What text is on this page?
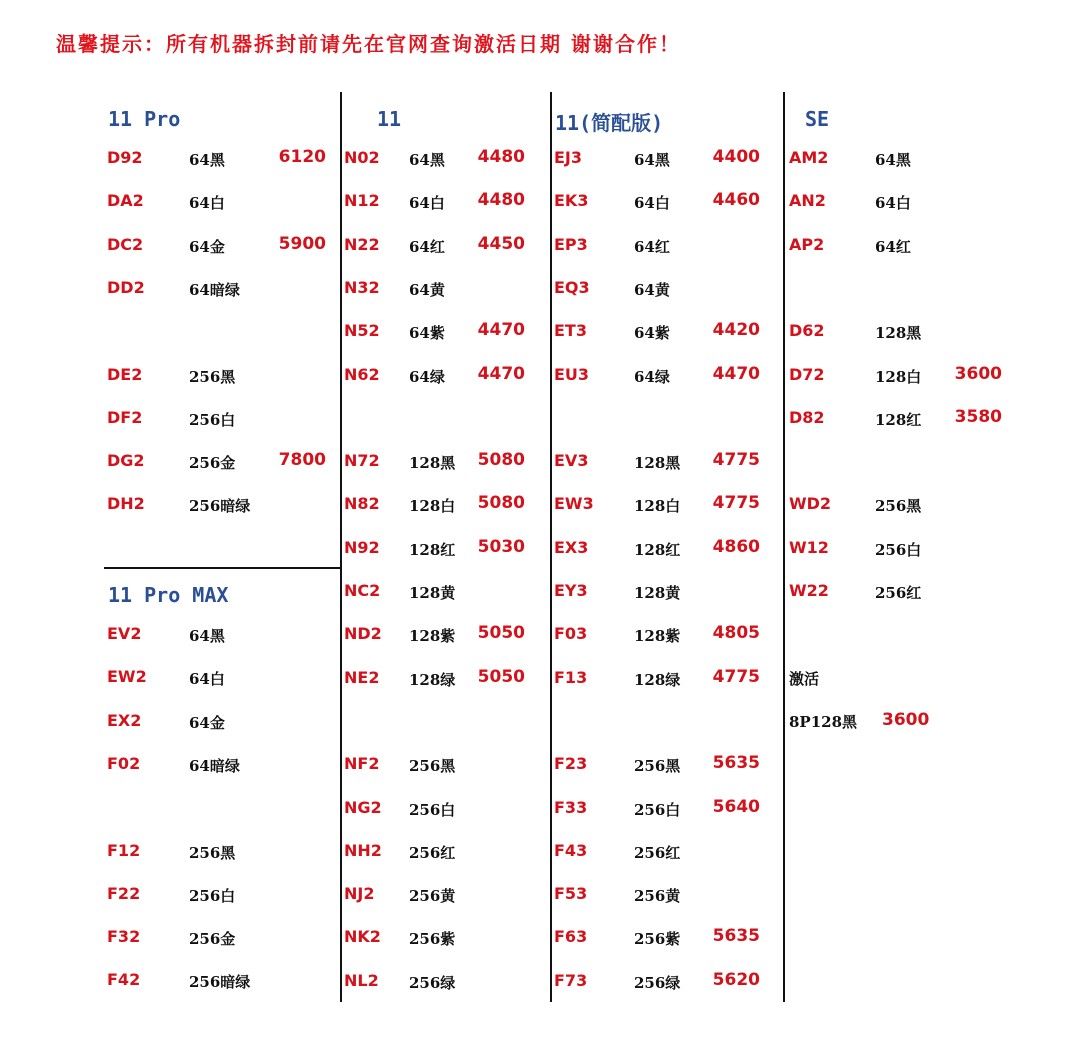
温馨提示：所有机器拆封前请先在官网查询激活日期 谢谢合作！
11 Pro
11 Pro MAX
11	11(简配版)	SE
D92	64黑	6120
DA2	64白
DC2	64金	5900
DD2	64暗绿
DE2	256黑
DF2	256白
DG2	256金	7800
DH2	256暗绿
EV2	64黑
EW2	64白
EX2	64金
F02	64暗绿
F12	256黑
F22	256白
F32	256金
F42	256暗绿
N02 64黑 4480
N12 64白 4480
N22 64红 4450
N32 64黄
N52 64紫 4470
N62 64绿 4470
N72 128黑 5080
N82 128白 5080
N92 128红 5030
NC2 128黄
ND2 128紫 5050
NE2 128绿 5050
NF2 256黑
NG2 256白
NH2 256红
NJ2 256黄
NK2 256紫
NL2 256绿
EJ3	64黑	4400
EK3	64白	4460
EP3	64红
EQ3	64黄
ET3	64紫	4420
EU3	64绿	4470
EV3	128黑 4775
EW3	128白 4775
EX3	128红 4860
EY3	128黄
F03	128紫 4805
F13	128绿 4775
F23	256黑 5635
F33	256白 5640
F43	256红
F53	256黄
F63	256紫 5635
F73	256绿 5620
AM2	64黑
AN2	64白
AP2	64红
D62	128黑
D72	128白 3600
D82	128红 3580
WD2	256黑
W12	256白
W22	256红
激活
8P128黑 3600
